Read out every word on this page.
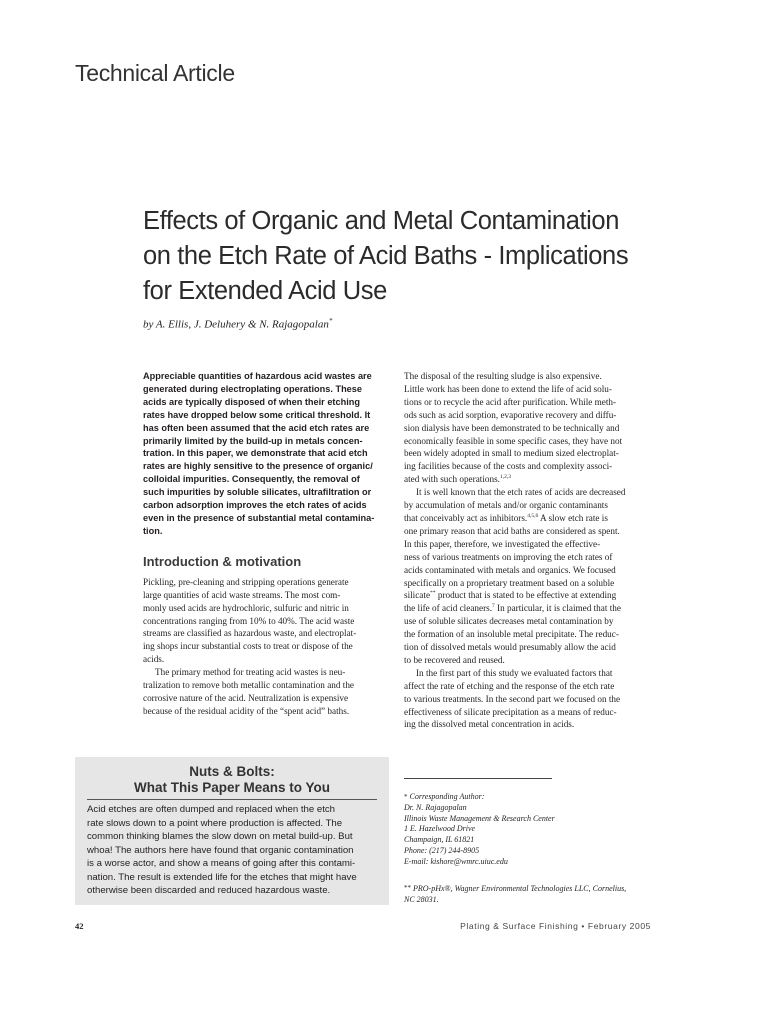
Technical Article
Effects of Organic and Metal Contamination
on the Etch Rate of Acid Baths - Implications
for Extended Acid Use
by A. Ellis, J. Deluhery & N. Rajagopalan*
Appreciable quantities of hazardous acid wastes are
generated during electroplating operations. These
acids are typically disposed of when their etching
rates have dropped below some critical threshold. It
has often been assumed that the acid etch rates are
primarily limited by the build-up in metals concen-
tration. In this paper, we demonstrate that acid etch
rates are highly sensitive to the presence of organic/
colloidal impurities. Consequently, the removal of
such impurities by soluble silicates, ultrafiltration or
carbon adsorption improves the etch rates of acids
even in the presence of substantial metal contamina-
tion.
Introduction & motivation
Pickling, pre-cleaning and stripping operations generate
large quantities of acid waste streams. The most com-
monly used acids are hydrochloric, sulfuric and nitric in
concentrations ranging from 10% to 40%. The acid waste
streams are classified as hazardous waste, and electroplat-
ing shops incur substantial costs to treat or dispose of the
acids.
The primary method for treating acid wastes is neu-
tralization to remove both metallic contamination and the
corrosive nature of the acid. Neutralization is expensive
because of the residual acidity of the “spent acid” baths.
The disposal of the resulting sludge is also expensive.
Little work has been done to extend the life of acid solu-
tions or to recycle the acid after purification. While meth-
ods such as acid sorption, evaporative recovery and diffu-
sion dialysis have been demonstrated to be technically and
economically feasible in some specific cases, they have not
been widely adopted in small to medium sized electroplat-
ing facilities because of the costs and complexity associ-
ated with such operations.$^{1,2,3}$
It is well known that the etch rates of acids are decreased
by accumulation of metals and/or organic contaminants
that conceivably act as inhibitors.$^{4,5,6}$ A slow etch rate is
one primary reason that acid baths are considered as spent.
In this paper, therefore, we investigated the effective-
ness of various treatments on improving the etch rates of
acids contaminated with metals and organics. We focused
specifically on a proprietary treatment based on a soluble
silicate** product that is stated to be effective at extending
the life of acid cleaners.$^7$ In particular, it is claimed that the
use of soluble silicates decreases metal contamination by
the formation of an insoluble metal precipitate. The reduc-
tion of dissolved metals would presumably allow the acid
to be recovered and reused.
In the first part of this study we evaluated factors that
affect the rate of etching and the response of the etch rate
to various treatments. In the second part we focused on the
effectiveness of silicate precipitation as a means of reduc-
ing the dissolved metal concentration in acids.
Nuts & Bolts:
What This Paper Means to You
Acid etches are often dumped and replaced when the etch
rate slows down to a point where production is affected. The
common thinking blames the slow down on metal build-up. But
whoa! The authors here have found that organic contamination
is a worse actor, and show a means of going after this contami-
nation. The result is extended life for the etches that might have
otherwise been discarded and reduced hazardous waste.
* Corresponding Author:
Dr. N. Rajagopalan
Illinois Waste Management & Research Center
1 E. Hazelwood Drive
Champaign, IL 61821
Phone: (217) 244-8905
E-mail: kishore@wmrc.uiuc.edu
** PRO-pHx®, Wagner Environmental Technologies LLC, Cornelius,
NC 28031.
42	Plating & Surface Finishing • February 2005
